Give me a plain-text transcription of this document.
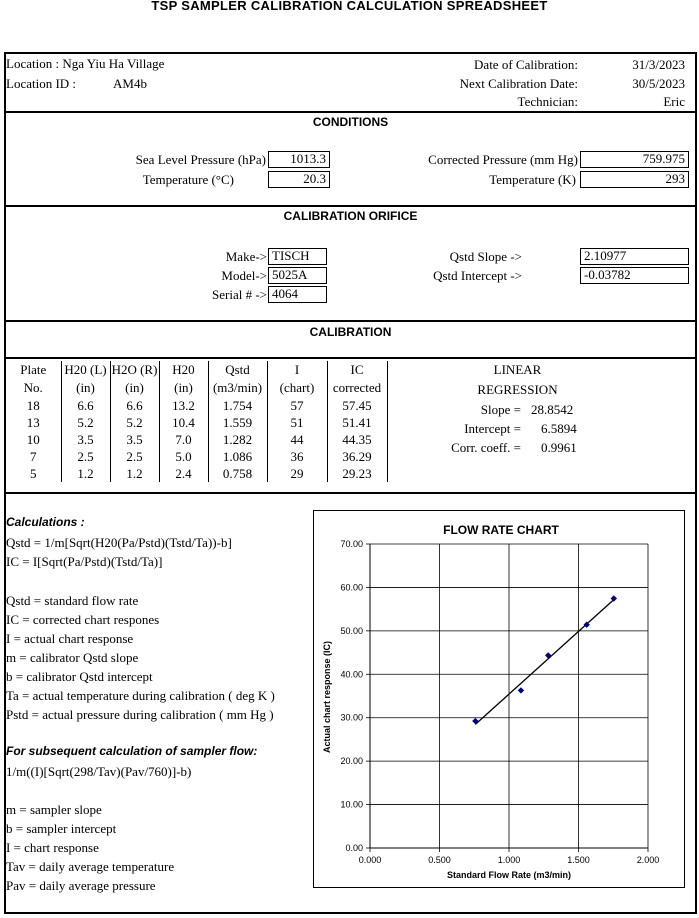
TSP SAMPLER CALIBRATION CALCULATION SPREADSHEET
Location : Nga Yiu Ha Village
Location ID :	AM4b
Date of Calibration:	31/3/2023
Next Calibration Date:	30/5/2023
Technician:	Eric
CONDITIONS
Sea Level Pressure (hPa)	1013.3
Temperature (°C)	20.3
Corrected Pressure (mm Hg)	759.975
Temperature (K)	293
CALIBRATION ORIFICE
Make-> TISCH
Model-> 5025A
Serial # -> 4064
Qstd Slope ->	2.10977
Qstd Intercept ->	-0.03782
CALIBRATION
Plate	H20 (L)	H2O (R)	H20	Qstd	I	IC
No.	(in)	(in)	(in)	(m3/min)	(chart)	corrected
18	6.6	6.6	13.2	1.754	57	57.45
13	5.2	5.2	10.4	1.559	51	51.41
10	3.5	3.5	7.0	1.282	44	44.35
7	2.5	2.5	5.0	1.086	36	36.29
5	1.2	1.2	2.4	0.758	29	29.23
LINEAR
REGRESSION
Slope = 28.8542
Intercept = 6.5894
Corr. coeff. = 0.9961
Calculations :
Qstd = 1/m[Sqrt(H20(Pa/Pstd)(Tstd/Ta))-b]
IC = I[Sqrt(Pa/Pstd)(Tstd/Ta)]
Qstd = standard flow rate
IC = corrected chart respones
I = actual chart response
m = calibrator Qstd slope
b = calibrator Qstd intercept
Ta = actual temperature during calibration ( deg K )
Pstd = actual pressure during calibration ( mm Hg )
For subsequent calculation of sampler flow:
1/m((I)[Sqrt(298/Tav)(Pav/760)]-b)
m = sampler slope
b = sampler intercept
I = chart response
Tav = daily average temperature
Pav = daily average pressure
FLOW RATE CHART
0.00
10.00
20.00
30.00
40.00
50.00
60.00
70.00
0.000	0.500	1.000	1.500	2.000
Standard Flow Rate (m3/min)
Actual chart response (IC)
